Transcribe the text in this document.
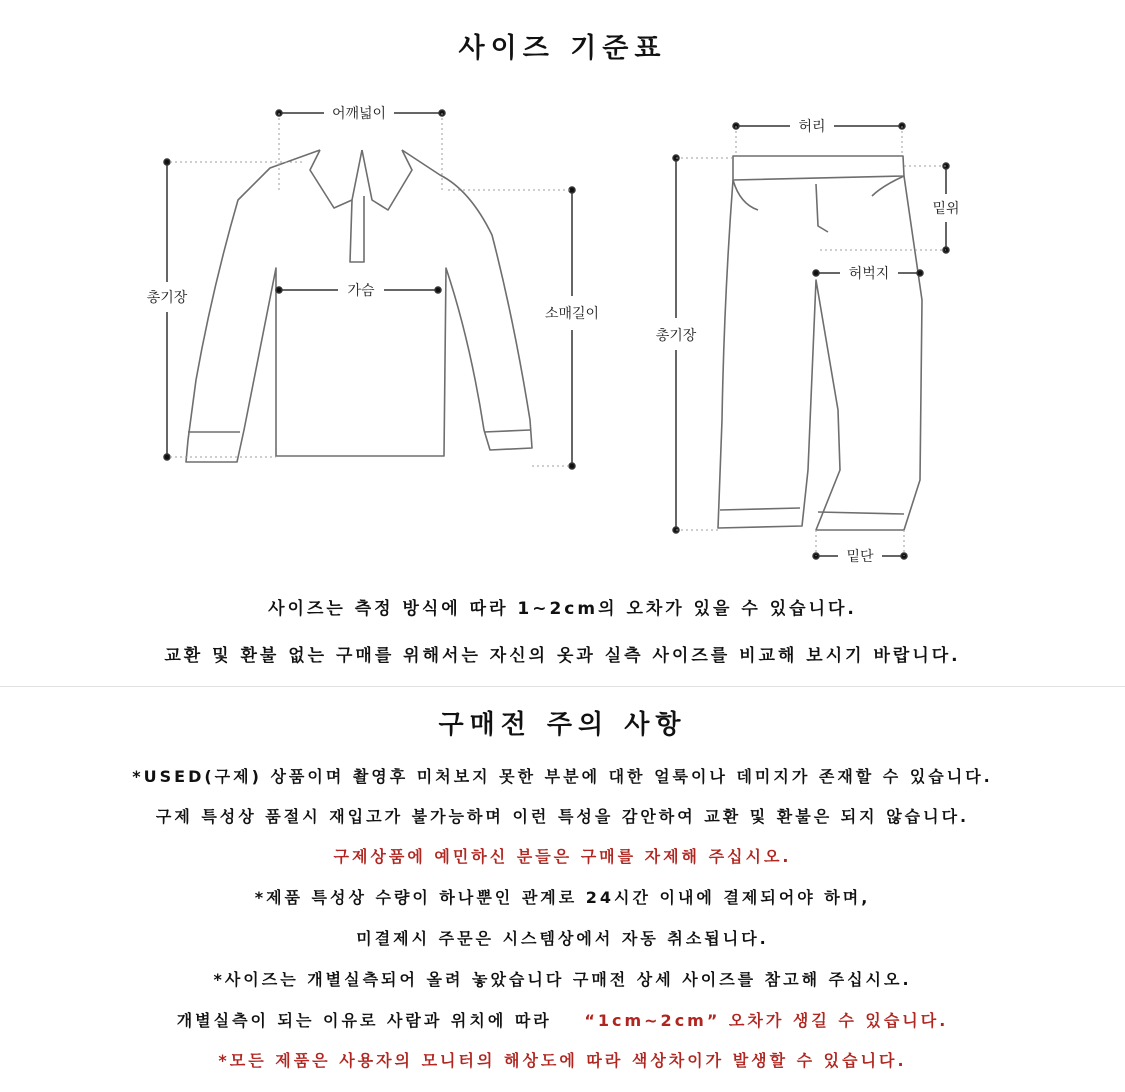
사이즈 기준표
어깨넓이
가슴
총기장
소매길이
허리
밑위
허벅지
총기장
밑단
사이즈는 측정 방식에 따라 1~2cm의 오차가 있을 수 있습니다.
교환 및 환불 없는 구매를 위해서는 자신의 옷과 실측 사이즈를 비교해 보시기 바랍니다.
구매전 주의 사항
*USED(구제) 상품이며 촬영후 미처보지 못한 부분에 대한 얼룩이나 데미지가 존재할 수 있습니다.
구제 특성상 품절시 재입고가 불가능하며 이런 특성을 감안하여 교환 및 환불은 되지 않습니다.
구제상품에 예민하신 분들은 구매를 자제해 주십시오.
*제품 특성상 수량이 하나뿐인 관계로 24시간 이내에 결제되어야 하며,
미결제시 주문은 시스템상에서 자동 취소됩니다.
*사이즈는 개별실측되어 올려 놓았습니다 구매전 상세 사이즈를 참고해 주십시오.
개별실측이 되는 이유로 사람과 위치에 따라 “1cm~2cm” 오차가 생길 수 있습니다.
*모든 제품은 사용자의 모니터의 해상도에 따라 색상차이가 발생할 수 있습니다.
